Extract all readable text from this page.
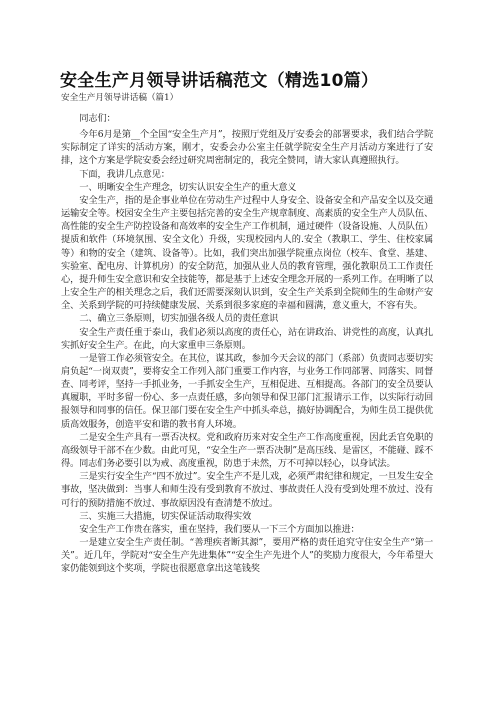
安全生产月领导讲话稿范文（精选10篇）
安全生产月领导讲话稿（篇1）

同志们：

今年6月是第__个全国“安全生产月”，按照厅党组及厅安委会的部署要求，我们结合学院实际制定了详实的活动方案，刚才，安委会办公室主任就学院安全生产月活动方案进行了安排，这个方案是学院安委会经过研究周密制定的，我完全赞同，请大家认真遵照执行。

下面，我讲几点意见：

一、明晰安全生产理念，切实认识安全生产的重大意义

安全生产，指的是企事业单位在劳动生产过程中人身安全、设备安全和产品安全以及交通运输安全等。校园安全生产主要包括完善的安全生产规章制度、高素质的安全生产人员队伍、高性能的安全生产防控设备和高效率的安全生产工作机制，通过硬件（设备设施、人员队伍）提质和软件（环境氛围、安全文化）升级，实现校园内人的.安全（教职工、学生、住校家属等）和物的安全（建筑、设备等）。比如，我们突出加强学院重点岗位（校车、食堂、基建、实验室、配电房、计算机房）的安全防范，加强从业人员的教育管理，强化教职员工工作责任心，提升师生安全意识和安全技能等，都是基于上述安全理念开展的一系列工作。在明晰了以上安全生产的相关理念之后，我们还需要深刻认识到，安全生产关系到全院师生的生命财产安全、关系到学院的可持续健康发展、关系到很多家庭的幸福和圆满，意义重大，不容有失。

二、确立三条原则，切实加强各级人员的责任意识

安全生产责任重于泰山，我们必须以高度的责任心，站在讲政治、讲党性的高度，认真扎实抓好安全生产。在此，向大家重申三条原则。

一是管工作必须管安全。在其位，谋其政，参加今天会议的部门（系部）负责同志要切实肩负起“一岗双责”，要将安全工作列入部门重要工作内容，与业务工作同部署、同落实、同督查、同考评，坚持一手抓业务，一手抓安全生产，互相促进、互相提高。各部门的安全员要认真履职，平时多留一份心、多一点责任感，多向领导和保卫部门汇报请示工作，以实际行动回报领导和同事的信任。保卫部门要在安全生产中抓头牵总，搞好协调配合，为师生员工提供优质高效服务，创造平安和谐的教书育人环境。

二是安全生产具有一票否决权。党和政府历来对安全生产工作高度重视，因此丢官免职的高级领导干部不在少数。由此可见，“安全生产一票否决制”是高压线、是雷区，不能碰、踩不得。同志们务必要引以为戒、高度重视，防患于未然，万不可掉以轻心，以身试法。

三是实行安全生产“四不放过”。安全生产不是儿戏，必须严肃纪律和规定，一旦发生安全事故，坚决做到：当事人和师生没有受到教育不放过、事故责任人没有受到处理不放过、没有可行的预防措施不放过、事故原因没有查清楚不放过。

三、实施三大措施，切实保证活动取得实效

安全生产工作贵在落实，重在坚持，我们要从一下三个方面加以推进：

一是建立安全生产责任制。“善理疾者断其源”，要用严格的责任追究守住安全生产“第一关”。近几年，学院对“安全生产先进集体”“安全生产先进个人”的奖励力度很大，今年希望大家仍能领到这个奖项，学院也很愿意拿出这笔钱奖
